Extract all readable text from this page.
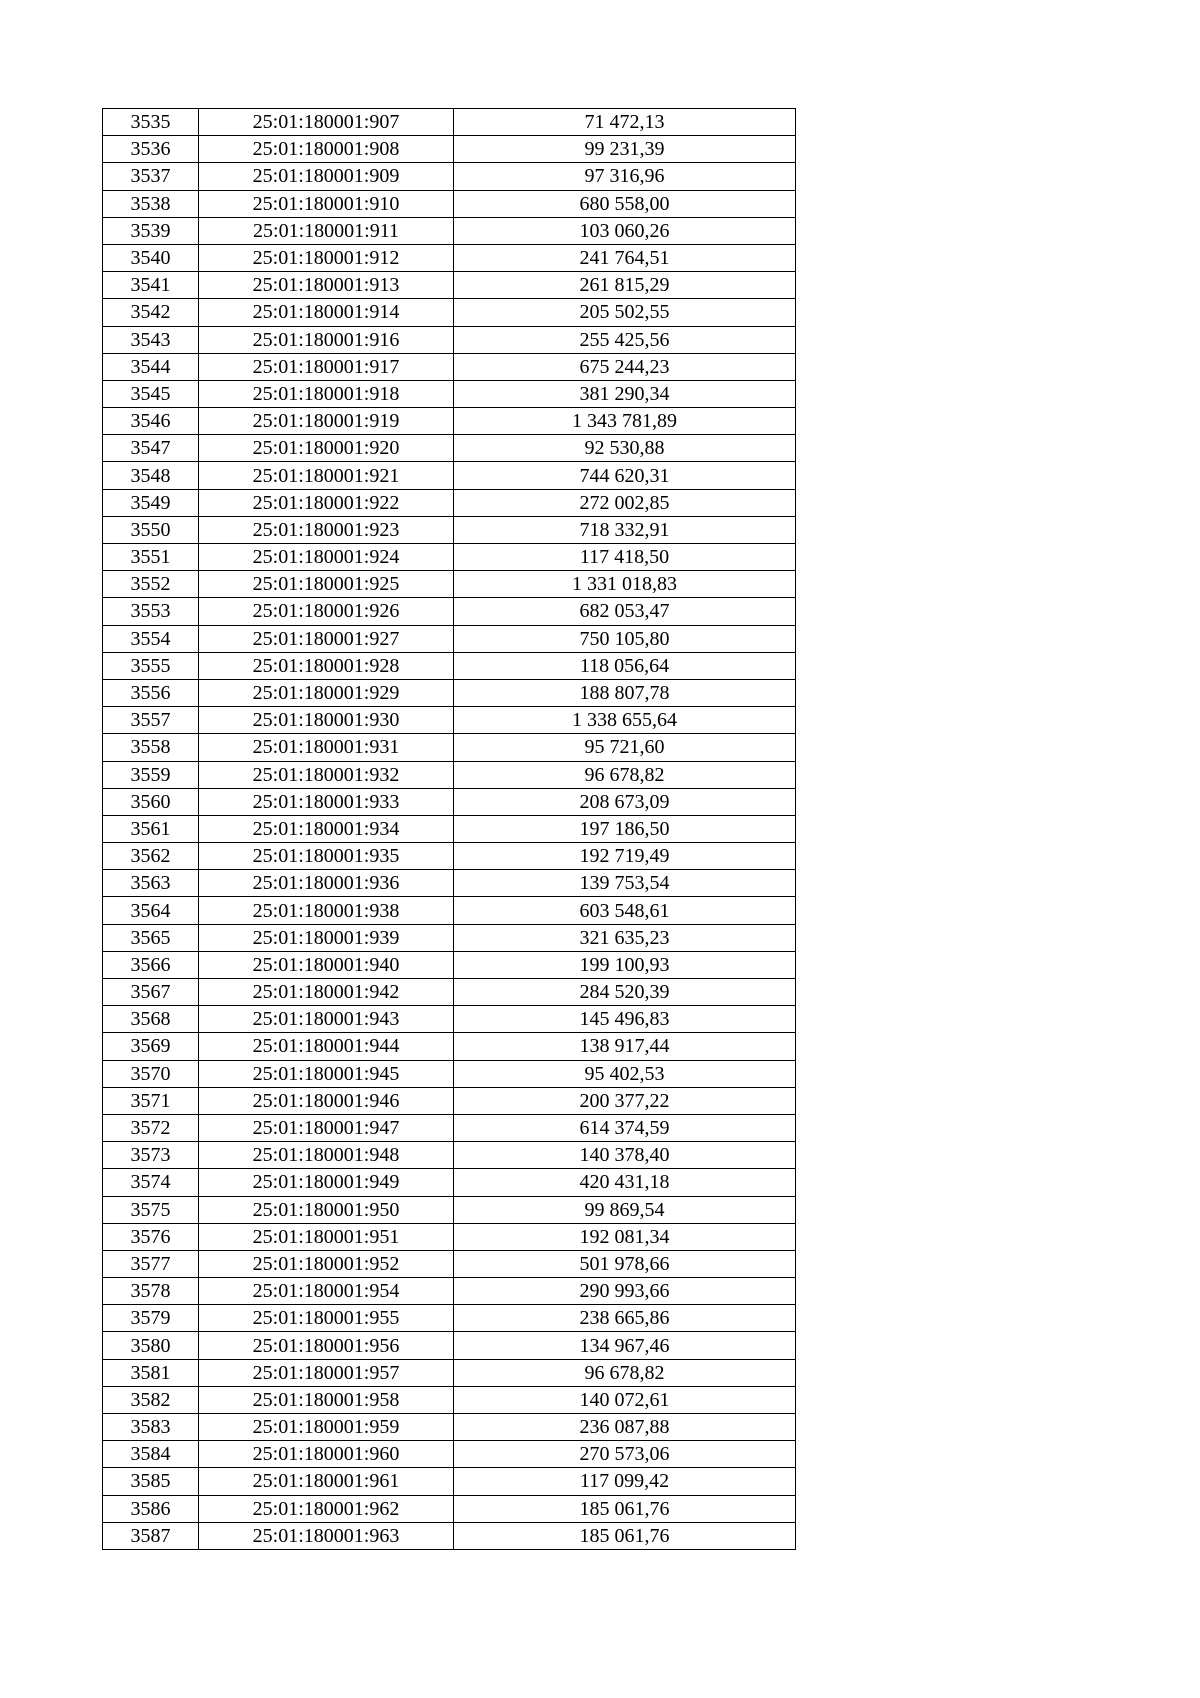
3535	25:01:180001:907	71 472,13
3536	25:01:180001:908	99 231,39
3537	25:01:180001:909	97 316,96
3538	25:01:180001:910	680 558,00
3539	25:01:180001:911	103 060,26
3540	25:01:180001:912	241 764,51
3541	25:01:180001:913	261 815,29
3542	25:01:180001:914	205 502,55
3543	25:01:180001:916	255 425,56
3544	25:01:180001:917	675 244,23
3545	25:01:180001:918	381 290,34
3546	25:01:180001:919	1 343 781,89
3547	25:01:180001:920	92 530,88
3548	25:01:180001:921	744 620,31
3549	25:01:180001:922	272 002,85
3550	25:01:180001:923	718 332,91
3551	25:01:180001:924	117 418,50
3552	25:01:180001:925	1 331 018,83
3553	25:01:180001:926	682 053,47
3554	25:01:180001:927	750 105,80
3555	25:01:180001:928	118 056,64
3556	25:01:180001:929	188 807,78
3557	25:01:180001:930	1 338 655,64
3558	25:01:180001:931	95 721,60
3559	25:01:180001:932	96 678,82
3560	25:01:180001:933	208 673,09
3561	25:01:180001:934	197 186,50
3562	25:01:180001:935	192 719,49
3563	25:01:180001:936	139 753,54
3564	25:01:180001:938	603 548,61
3565	25:01:180001:939	321 635,23
3566	25:01:180001:940	199 100,93
3567	25:01:180001:942	284 520,39
3568	25:01:180001:943	145 496,83
3569	25:01:180001:944	138 917,44
3570	25:01:180001:945	95 402,53
3571	25:01:180001:946	200 377,22
3572	25:01:180001:947	614 374,59
3573	25:01:180001:948	140 378,40
3574	25:01:180001:949	420 431,18
3575	25:01:180001:950	99 869,54
3576	25:01:180001:951	192 081,34
3577	25:01:180001:952	501 978,66
3578	25:01:180001:954	290 993,66
3579	25:01:180001:955	238 665,86
3580	25:01:180001:956	134 967,46
3581	25:01:180001:957	96 678,82
3582	25:01:180001:958	140 072,61
3583	25:01:180001:959	236 087,88
3584	25:01:180001:960	270 573,06
3585	25:01:180001:961	117 099,42
3586	25:01:180001:962	185 061,76
3587	25:01:180001:963	185 061,76
